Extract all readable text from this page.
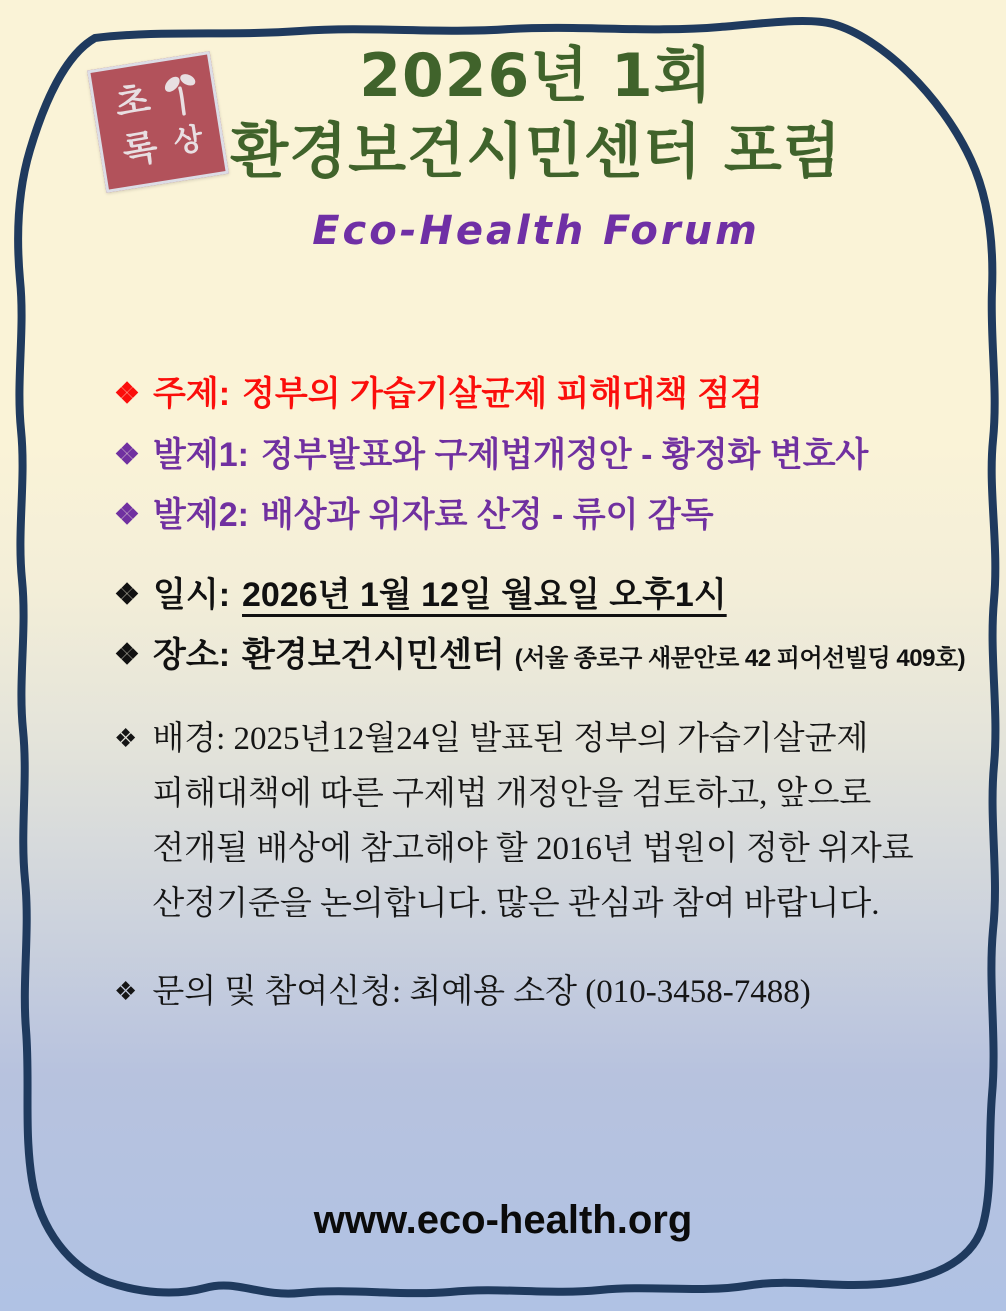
초
록 상
2026년 1회
환경보건시민센터 포럼
Eco-Health Forum
❖ 주제: 정부의 가습기살균제 피해대책 점검
❖ 발제1: 정부발표와 구제법개정안 - 황정화 변호사
❖ 발제2: 배상과 위자료 산정 - 류이 감독
❖ 일시: 2026년 1월 12일 월요일 오후1시
❖ 장소: 환경보건시민센터 (서울 종로구 새문안로 42 피어선빌딩 409호)
❖ 배경: 2025년12월24일 발표된 정부의 가습기살균제
피해대책에 따른 구제법 개정안을 검토하고, 앞으로
전개될 배상에 참고해야 할 2016년 법원이 정한 위자료
산정기준을 논의합니다. 많은 관심과 참여 바랍니다.
❖ 문의 및 참여신청: 최예용 소장 (010-3458-7488)
www.eco-health.org
